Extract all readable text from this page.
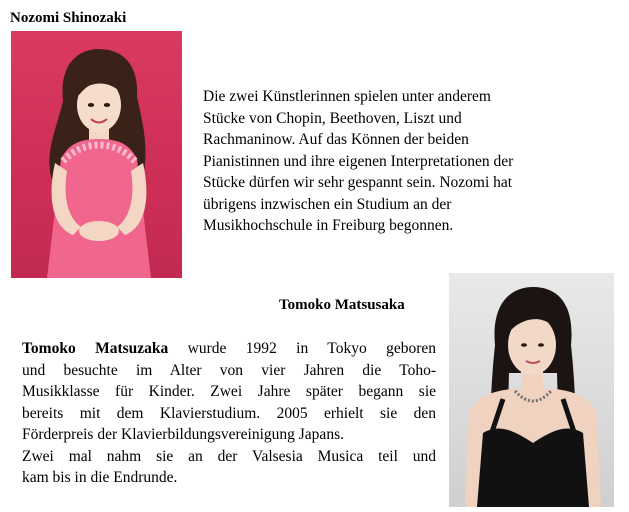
Nozomi Shinozaki
Die zwei Künstlerinnen spielen unter anderem
Stücke von Chopin, Beethoven, Liszt und
Rachmaninow. Auf das Können der beiden
Pianistinnen und ihre eigenen Interpretationen der
Stücke dürfen wir sehr gespannt sein. Nozomi hat
übrigens inzwischen ein Studium an der
Musikhochschule in Freiburg begonnen.
Tomoko Matsusaka
Tomoko Matsuzaka wurde 1992 in Tokyo geboren
und besuchte im Alter von vier Jahren die Toho-
Musikklasse für Kinder. Zwei Jahre später begann sie
bereits mit dem Klavierstudium. 2005 erhielt sie den
Förderpreis der Klavierbildungsvereinigung Japans.
Zwei mal nahm sie an der Valsesia Musica teil und
kam bis in die Endrunde.
